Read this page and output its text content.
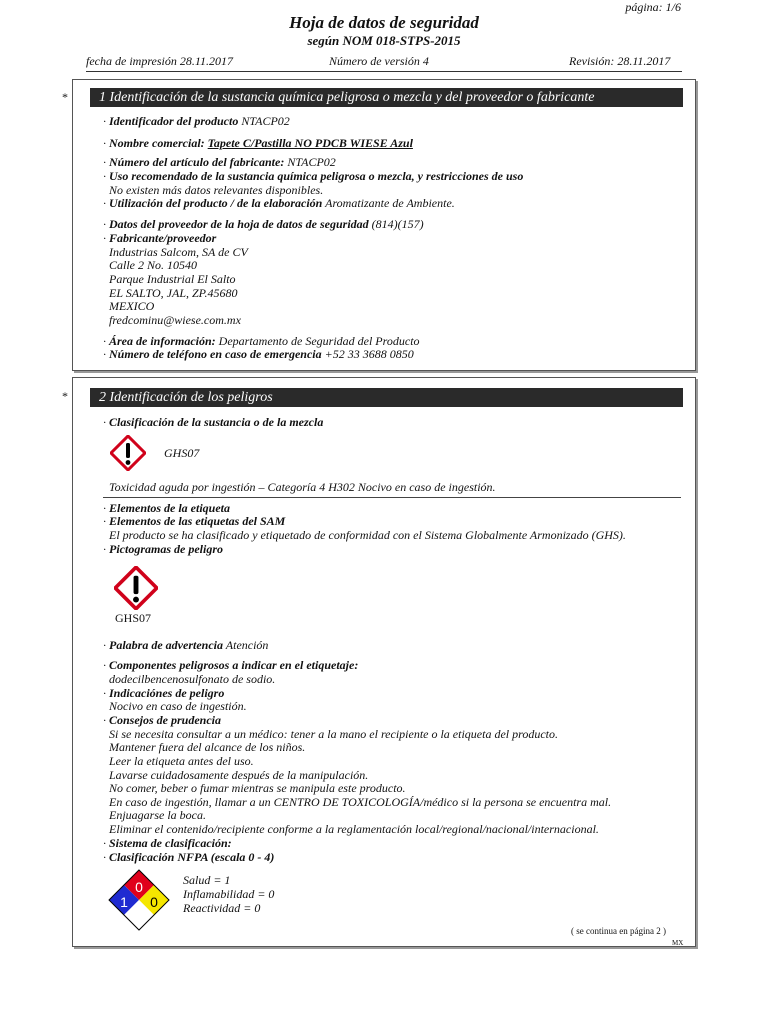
página: 1/6
Hoja de datos de seguridad
según NOM 018-STPS-2015
fecha de impresión 28.11.2017	Número de versión 4	Revisión: 28.11.2017
*	1 Identificación de la sustancia química peligrosa o mezcla y del proveedor o fabricante
· Identificador del producto NTACP02
· Nombre comercial: Tapete C/Pastilla NO PDCB WIESE Azul
· Número del artículo del fabricante: NTACP02
· Uso recomendado de la sustancia química peligrosa o mezcla, y restricciones de uso
No existen más datos relevantes disponibles.
· Utilización del producto / de la elaboración Aromatizante de Ambiente.
· Datos del proveedor de la hoja de datos de seguridad (814)(157)
· Fabricante/proveedor
Industrias Salcom, SA de CV
Calle 2 No. 10540
Parque Industrial El Salto
EL SALTO, JAL, ZP.45680
MEXICO
fredcominu@wiese.com.mx
· Área de información: Departamento de Seguridad del Producto
· Número de teléfono en caso de emergencia +52 33 3688 0850
*	2 Identificación de los peligros
· Clasificación de la sustancia o de la mezcla
GHS07
Toxicidad aguda por ingestión – Categoría 4 H302 Nocivo en caso de ingestión.
· Elementos de la etiqueta
· Elementos de las etiquetas del SAM
El producto se ha clasificado y etiquetado de conformidad con el Sistema Globalmente Armonizado (GHS).
· Pictogramas de peligro
GHS07
· Palabra de advertencia Atención
· Componentes peligrosos a indicar en el etiquetaje:
dodecilbencenosulfonato de sodio.
· Indicaciónes de peligro
Nocivo en caso de ingestión.
· Consejos de prudencia
Si se necesita consultar a un médico: tener a la mano el recipiente o la etiqueta del producto.
Mantener fuera del alcance de los niños.
Leer la etiqueta antes del uso.
Lavarse cuidadosamente después de la manipulación.
No comer, beber o fumar mientras se manipula este producto.
En caso de ingestión, llamar a un CENTRO DE TOXICOLOGÍA/médico si la persona se encuentra mal.
Enjuagarse la boca.
Eliminar el contenido/recipiente conforme a la reglamentación local/regional/nacional/internacional.
· Sistema de clasificación:
· Clasificación NFPA (escala 0 - 4)
0
1 0
Salud = 1
Inflamabilidad = 0
Reactividad = 0
( se continua en página 2 )
MX
